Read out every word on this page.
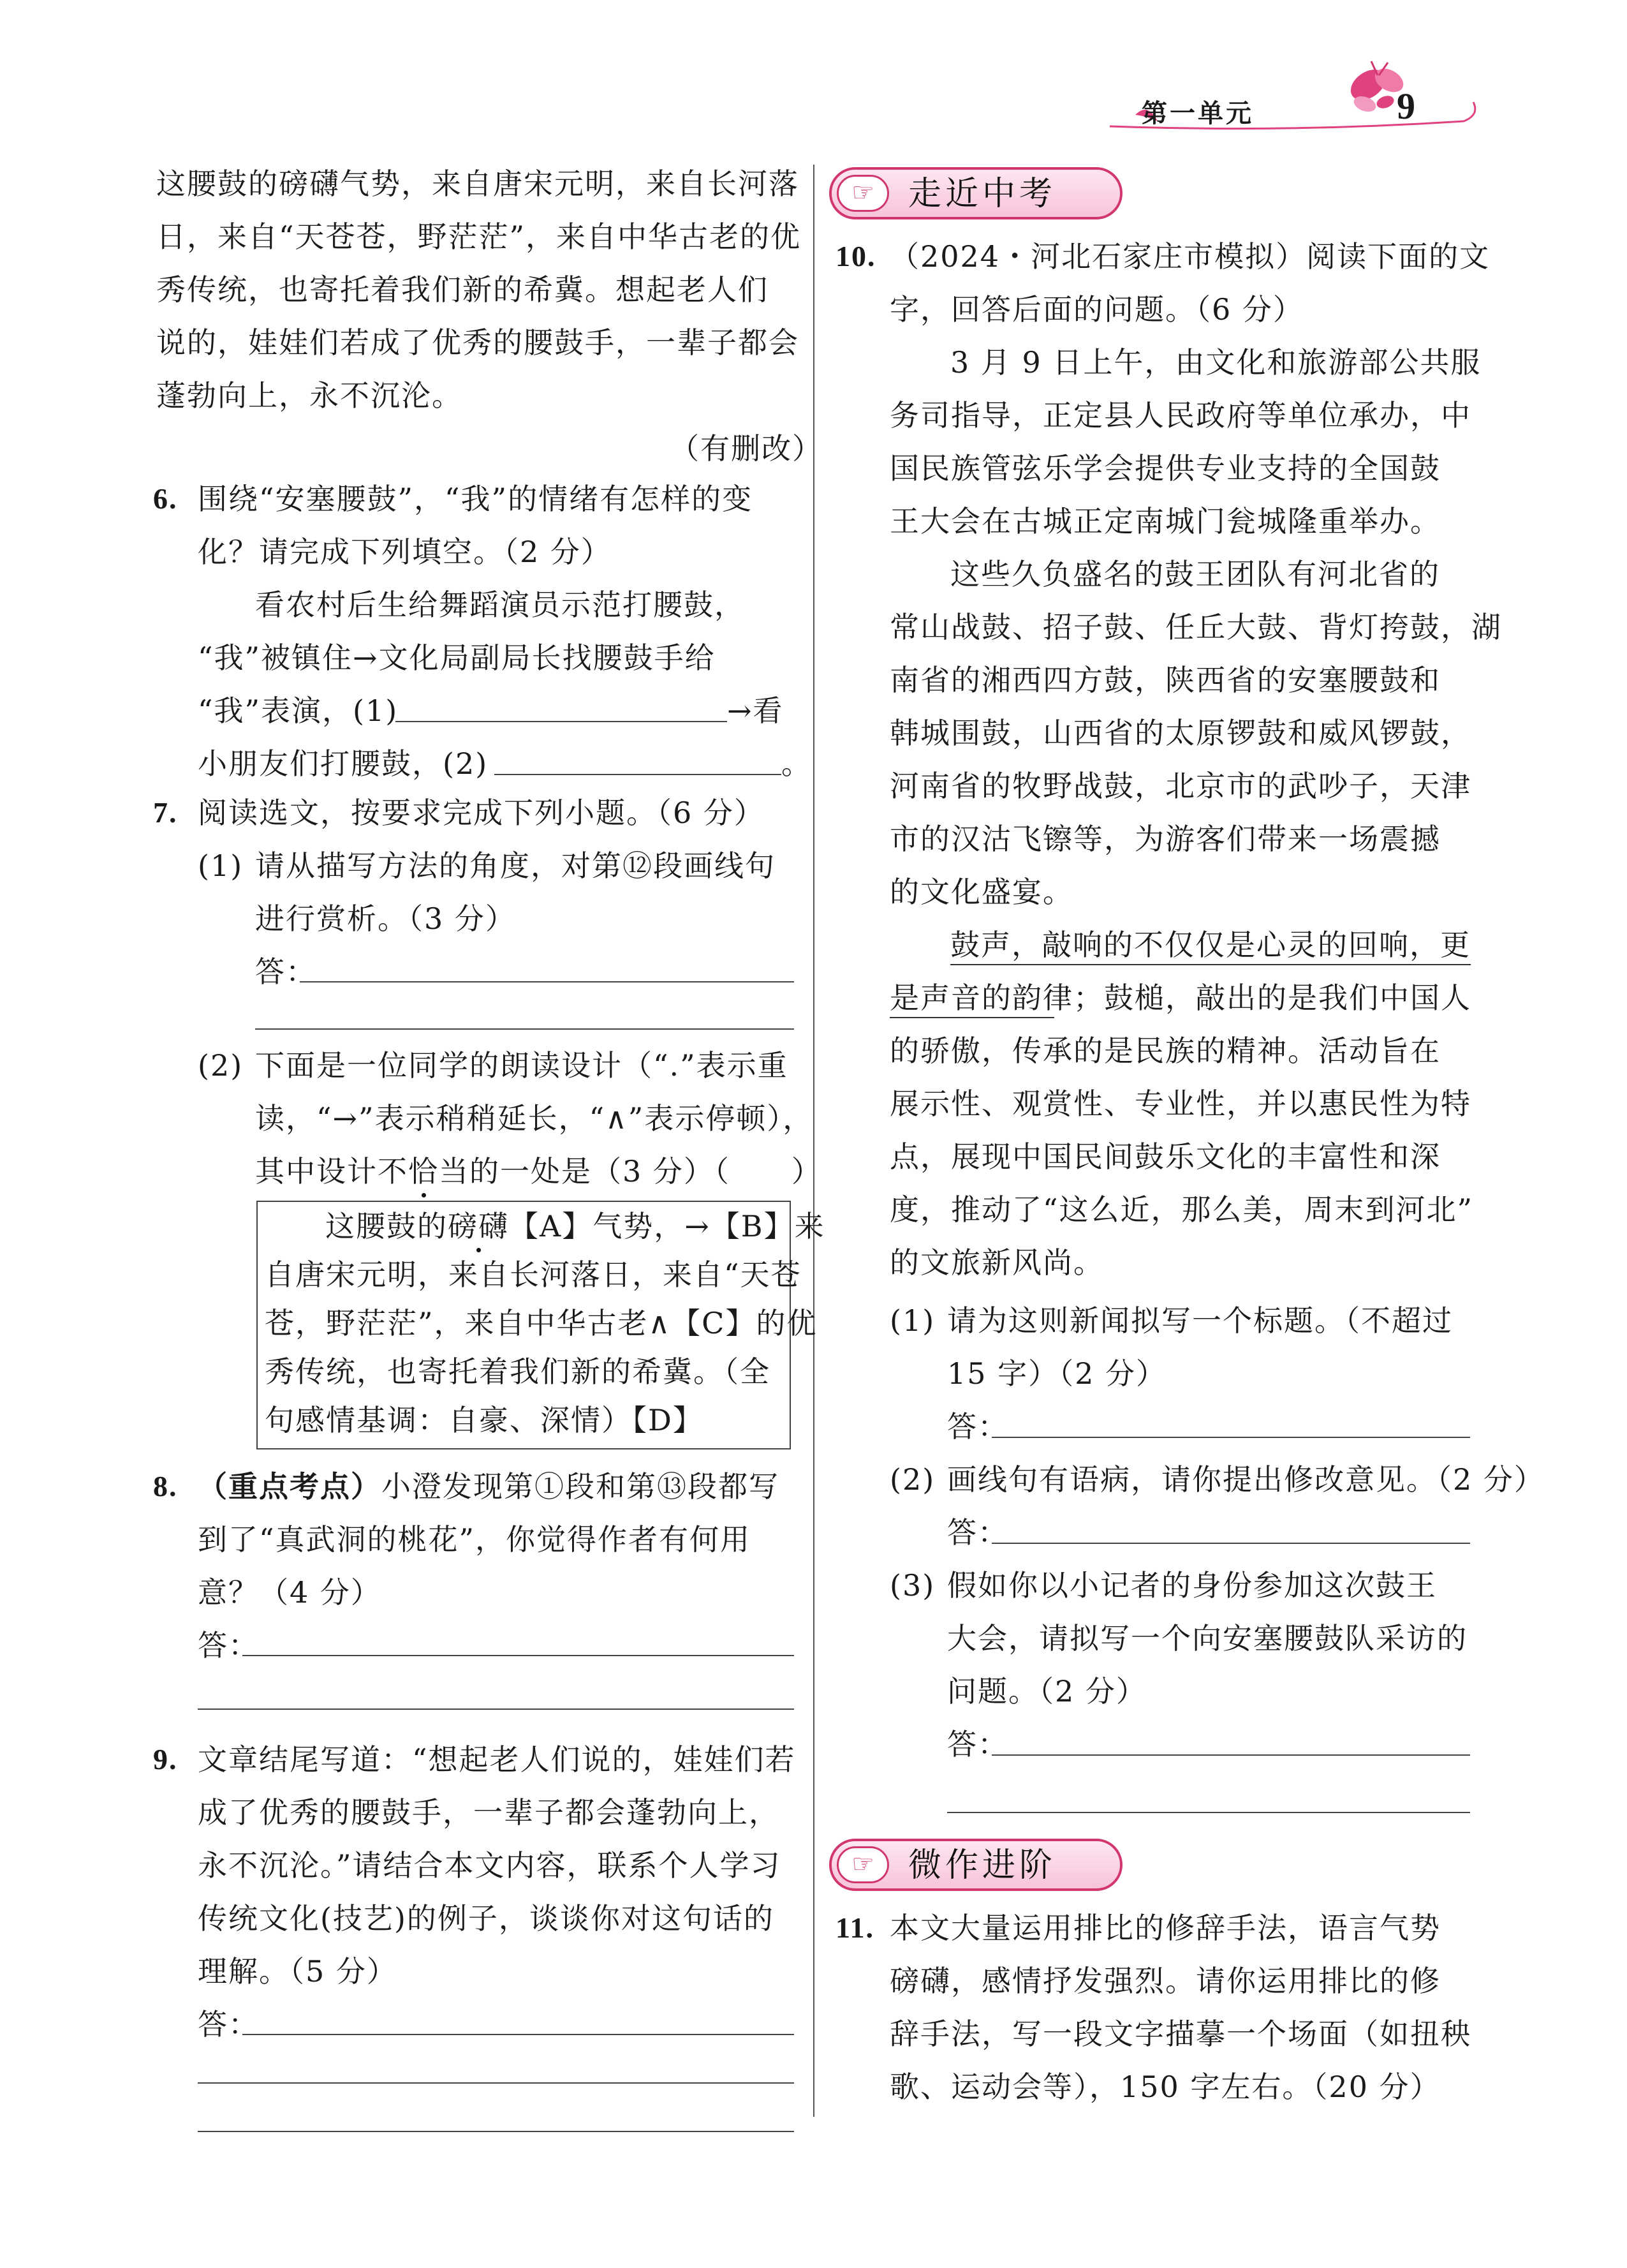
第一单元	9
这腰鼓的磅礴气势，来自唐宋元明，来自长河落
日，来自“天苍苍，野茫茫”，来自中华古老的优
秀传统，也寄托着我们新的希冀。想起老人们
说的，娃娃们若成了优秀的腰鼓手，一辈子都会
蓬勃向上，永不沉沦。
（有删改）
6. 围绕“安塞腰鼓”，“我”的情绪有怎样的变
化？请完成下列填空。（2 分）
看农村后生给舞蹈演员示范打腰鼓，
“我”被镇住→文化局副局长找腰鼓手给
“我”表演，(1)	→看
小朋友们打腰鼓，(2)	。
7. 阅读选文，按要求完成下列小题。（6 分）
(1) 请从描写方法的角度，对第⑫段画线句
进行赏析。（3 分）
答：
(2) 下面是一位同学的朗读设计（“.”表示重
读，“→”表示稍稍延长，“∧”表示停顿），
其中设计不恰当的一处是（3 分）（　　）
这腰鼓的磅礴【A】气势，→【B】来
自唐宋元明，来自长河落日，来自“天苍
苍，野茫茫”，来自中华古老∧【C】的优
秀传统，也寄托着我们新的希冀。（全
句感情基调：自豪、深情）【D】
8. （重点考点）小澄发现第①段和第⑬段都写
到了“真武洞的桃花”，你觉得作者有何用
意？（4 分）
答：
9. 文章结尾写道：“想起老人们说的，娃娃们若
成了优秀的腰鼓手，一辈子都会蓬勃向上，
永不沉沦。”请结合本文内容，联系个人学习
传统文化(技艺)的例子，谈谈你对这句话的
理解。（5 分）
答：
☞	走近中考
10. （2024・河北石家庄市模拟）阅读下面的文
字，回答后面的问题。（6 分）
3 月 9 日上午，由文化和旅游部公共服
务司指导，正定县人民政府等单位承办，中
国民族管弦乐学会提供专业支持的全国鼓
王大会在古城正定南城门瓮城隆重举办。
这些久负盛名的鼓王团队有河北省的
常山战鼓、招子鼓、任丘大鼓、背灯挎鼓，湖
南省的湘西四方鼓，陕西省的安塞腰鼓和
韩城围鼓，山西省的太原锣鼓和威风锣鼓，
河南省的牧野战鼓，北京市的武吵子，天津
市的汉沽飞镲等，为游客们带来一场震撼
的文化盛宴。
鼓声，敲响的不仅仅是心灵的回响，更
是声音的韵律；鼓槌，敲出的是我们中国人
的骄傲，传承的是民族的精神。活动旨在
展示性、观赏性、专业性，并以惠民性为特
点，展现中国民间鼓乐文化的丰富性和深
度，推动了“这么近，那么美，周末到河北”
的文旅新风尚。
(1) 请为这则新闻拟写一个标题。（不超过
15 字）（2 分）
答：
(2) 画线句有语病，请你提出修改意见。（2 分）
答：
(3) 假如你以小记者的身份参加这次鼓王
大会，请拟写一个向安塞腰鼓队采访的
问题。（2 分）
答：
☞	微作进阶
11. 本文大量运用排比的修辞手法，语言气势
磅礴，感情抒发强烈。请你运用排比的修
辞手法，写一段文字描摹一个场面（如扭秧
歌、运动会等），150 字左右。（20 分）
